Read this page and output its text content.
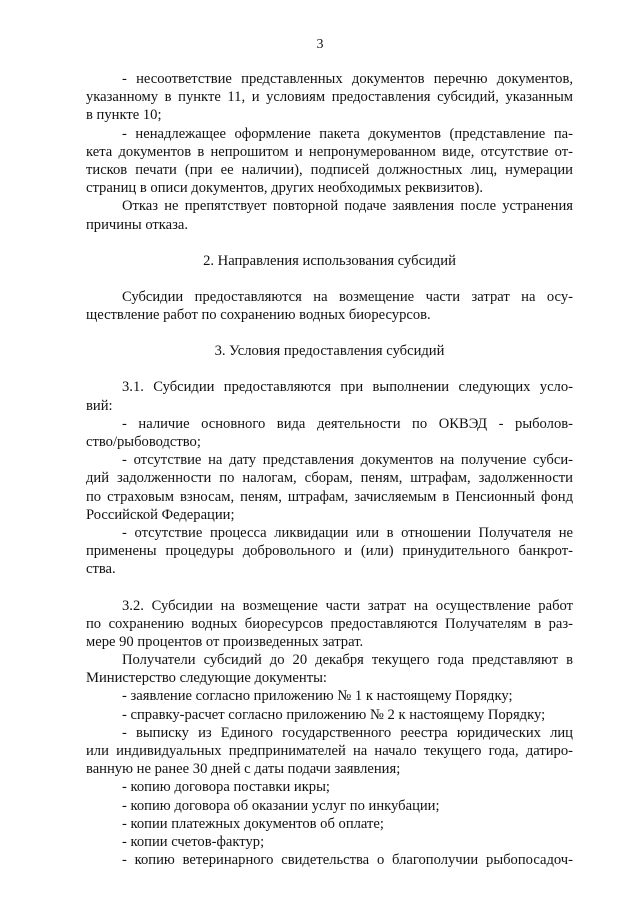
3
- несоответствие представленных документов перечню документов,
указанному в пункте 11, и условиям предоставления субсидий, указанным
в пункте 10;
- ненадлежащее оформление пакета документов (представление па-
кета документов в непрошитом и непронумерованном виде, отсутствие от-
тисков печати (при ее наличии), подписей должностных лиц, нумерации
страниц в описи документов, других необходимых реквизитов).
Отказ не препятствует повторной подаче заявления после устранения
причины отказа.
2. Направления использования субсидий
Субсидии предоставляются на возмещение части затрат на осу-
ществление работ по сохранению водных биоресурсов.
3. Условия предоставления субсидий
3.1. Субсидии предоставляются при выполнении следующих усло-
вий:
- наличие основного вида деятельности по ОКВЭД - рыболов-
ство/рыбоводство;
- отсутствие на дату представления документов на получение субси-
дий задолженности по налогам, сборам, пеням, штрафам, задолженности
по страховым взносам, пеням, штрафам, зачисляемым в Пенсионный фонд
Российской Федерации;
- отсутствие процесса ликвидации или в отношении Получателя не
применены процедуры добровольного и (или) принудительного банкрот-
ства.
3.2. Субсидии на возмещение части затрат на осуществление работ
по сохранению водных биоресурсов предоставляются Получателям в раз-
мере 90 процентов от произведенных затрат.
Получатели субсидий до 20 декабря текущего года представляют в
Министерство следующие документы:
- заявление согласно приложению № 1 к настоящему Порядку;
- справку-расчет согласно приложению № 2 к настоящему Порядку;
- выписку из Единого государственного реестра юридических лиц
или индивидуальных предпринимателей на начало текущего года, датиро-
ванную не ранее 30 дней с даты подачи заявления;
- копию договора поставки икры;
- копию договора об оказании услуг по инкубации;
- копии платежных документов об оплате;
- копии счетов-фактур;
- копию ветеринарного свидетельства о благополучии рыбопосадоч-
